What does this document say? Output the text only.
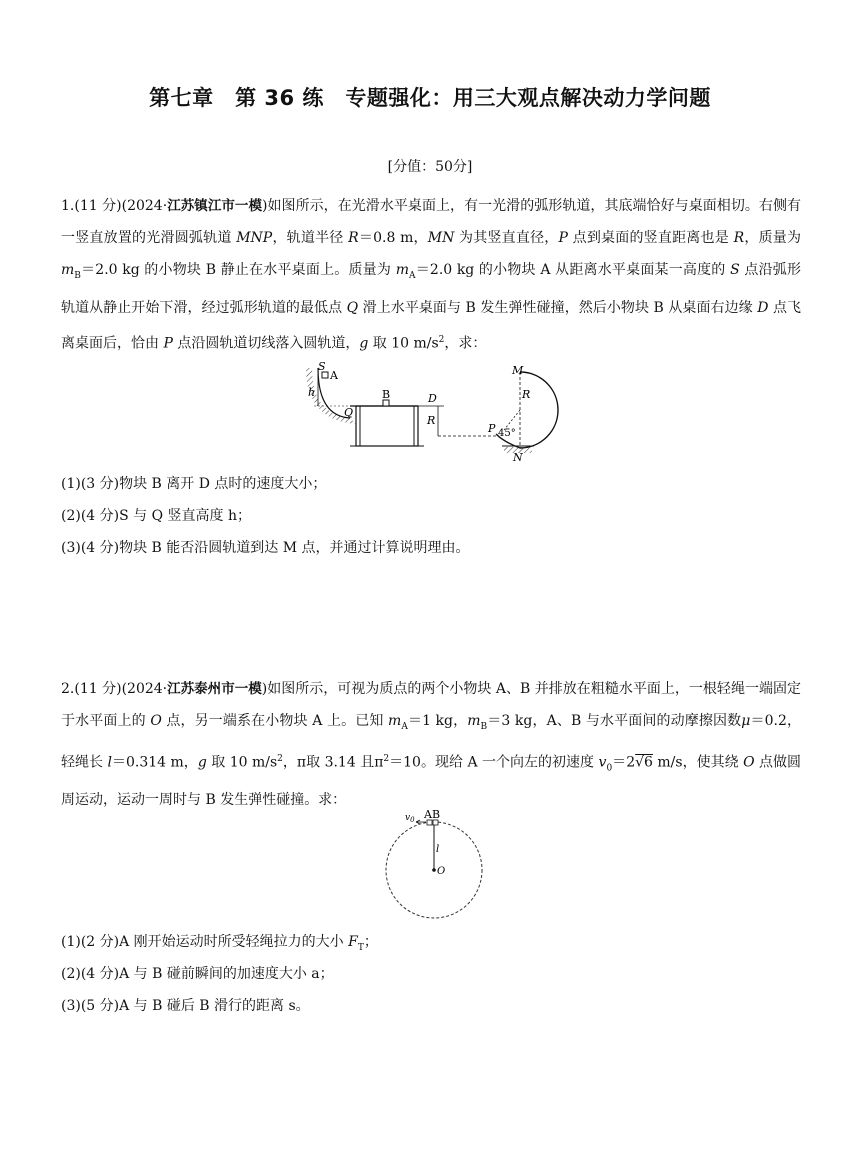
第七章　第 36 练　专题强化：用三大观点解决动力学问题
[分值：50分]
1.(11 分)(2024·江苏镇江市一模)如图所示，在光滑水平桌面上，有一光滑的弧形轨道，其底端恰好与桌面相切。右侧有一竖直放置的光滑圆弧轨道 MNP，轨道半径 R＝0.8 m，MN 为其竖直直径，P 点到桌面的竖直距离也是 R，质量为 $m_B=2.0$ kg 的小物块 B 静止在水平桌面上。质量为 $m_A=2.0$ kg 的小物块 A 从距离水平桌面某一高度的 S 点沿弧形轨道从静止开始下滑，经过弧形轨道的最低点 Q 滑上水平桌面与 B 发生弹性碰撞，然后小物块 B 从桌面右边缘 D 点飞离桌面后，恰由 P 点沿圆轨道切线落入圆轨道，g 取 10 $m/s^2$，求：
S
A
h
Q
B	D
R
M
R
P 45°
N
(1)(3 分)物块 B 离开 D 点时的速度大小；
(2)(4 分)S 与 Q 竖直高度 h；
(3)(4 分)物块 B 能否沿圆轨道到达 M 点，并通过计算说明理由。
2.(11 分)(2024·江苏泰州市一模)如图所示，可视为质点的两个小物块 A、B 并排放在粗糙水平面上，一根轻绳一端固定于水平面上的 O 点，另一端系在小物块 A 上。已知 $m_A=1$ kg，$m_B=3$ kg，A、B 与水平面间的动摩擦因数μ＝0.2，轻绳长 l＝0.314 m，g 取 10 $m/s^2$，π取 3.14 且$\pi^2=10$。现给 A 一个向左的初速度 $v_0=2√6$ m/s，使其绕 O 点做圆周运动，运动一周时与 B 发生弹性碰撞。求：
$v_0$ AB
l
O
(1)(2 分)A 刚开始运动时所受轻绳拉力的大小 $F_T$；
(2)(4 分)A 与 B 碰前瞬间的加速度大小 a；
(3)(5 分)A 与 B 碰后 B 滑行的距离 s。
